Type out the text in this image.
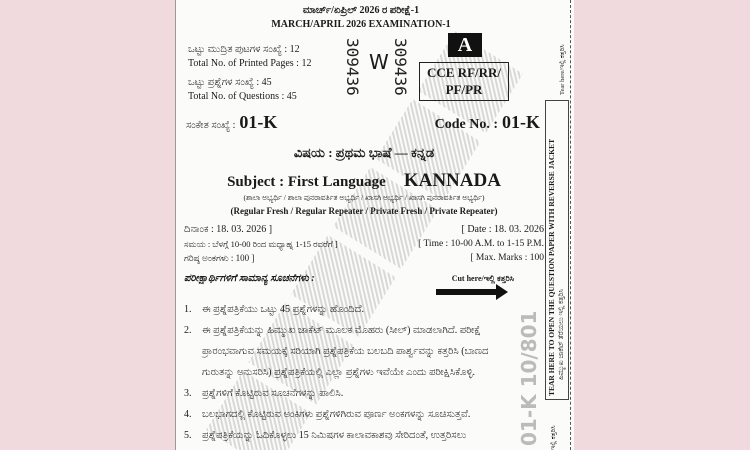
ಮಾರ್ಚ್/ಏಪ್ರಿಲ್ 2026 ರ ಪರೀಕ್ಷೆ-1
MARCH/APRIL 2026 EXAMINATION-1
ಒಟ್ಟು ಮುದ್ರಿತ ಪುಟಗಳ ಸಂಖ್ಯೆ : 12
Total No. of Printed Pages : 12
ಒಟ್ಟು ಪ್ರಶ್ನೆಗಳ ಸಂಖ್ಯೆ : 45
Total No. of Questions : 45
309436 W 309436	A
CCE RF/RR/
PF/PR
ಸಂಕೇತ ಸಂಖ್ಯೆ : 01-K	Code No. : 01-K
ವಿಷಯ : ಪ್ರಥಮ ಭಾಷೆ — ಕನ್ನಡ
Subject : First Language KANNADA
(ಶಾಲಾ ಅಭ್ಯರ್ಥಿ / ಶಾಲಾ ಪುನರಾವರ್ತಿತ ಅಭ್ಯರ್ಥಿ / ಖಾಸಗಿ ಅಭ್ಯರ್ಥಿ / ಖಾಸಗಿ ಪುನರಾವರ್ತಿತ ಅಭ್ಯರ್ಥಿ)
(Regular Fresh / Regular Repeater / Private Fresh / Private Repeater)
ದಿನಾಂಕ : 18. 03. 2026 ]	[ Date : 18. 03. 2026
ಸಮಯ : ಬೆಳಗ್ಗೆ 10-00 ರಿಂದ ಮಧ್ಯಾಹ್ನ 1-15 ರವರೆಗೆ ]	[ Time : 10-00 A.M. to 1-15 P.M.
ಗರಿಷ್ಠ ಅಂಕಗಳು : 100 ]	[ Max. Marks : 100
ಪರೀಕ್ಷಾರ್ಥಿಗಳಿಗೆ ಸಾಮಾನ್ಯ ಸೂಚನೆಗಳು :	Cut here/ಇಲ್ಲಿ ಕತ್ತರಿಸಿ
1.	ಈ ಪ್ರಶ್ನೆಪತ್ರಿಕೆಯು ಒಟ್ಟು 45 ಪ್ರಶ್ನೆಗಳನ್ನು ಹೊಂದಿದೆ.
2.	ಈ ಪ್ರಶ್ನೆಪತ್ರಿಕೆಯನ್ನು ಹಿಮ್ಮುಖ ಜಾಕೆಟ್ ಮೂಲಕ ಮೊಹರು (ಸೀಲ್) ಮಾಡಲಾಗಿದೆ. ಪರೀಕ್ಷೆ
ಪ್ರಾರಂಭವಾಗುವ ಸಮಯಕ್ಕೆ ಸರಿಯಾಗಿ ಪ್ರಶ್ನೆಪತ್ರಿಕೆಯ ಬಲಬದಿ ಪಾರ್ಶ್ವವನ್ನು ಕತ್ತರಿಸಿ (ಬಾಣದ
ಗುರುತನ್ನು ಅನುಸರಿಸಿ) ಪ್ರಶ್ನೆಪತ್ರಿಕೆಯಲ್ಲಿ ಎಲ್ಲಾ ಪ್ರಶ್ನೆಗಳು ಇವೆಯೇ ಎಂದು ಪರೀಕ್ಷಿಸಿಕೊಳ್ಳಿ.
3.	ಪ್ರಶ್ನೆಗಳಿಗೆ ಕೊಟ್ಟಿರುವ ಸೂಚನೆಗಳನ್ನು ಪಾಲಿಸಿ.
4.	ಬಲಭಾಗದಲ್ಲಿ ಕೊಟ್ಟಿರುವ ಅಂಕಿಗಳು ಪ್ರಶ್ನೆಗಳಿಗಿರುವ ಪೂರ್ಣ ಅಂಕಗಳನ್ನು ಸೂಚಿಸುತ್ತವೆ.
5.	ಪ್ರಶ್ನೆಪತ್ರಿಕೆಯನ್ನು ಓದಿಕೊಳ್ಳಲು 15 ನಿಮಿಷಗಳ ಕಾಲಾವಕಾಶವು ಸೇರಿದಂತೆ, ಉತ್ತರಿಸಲು	01-K 10/801 TEAR HERE TO OPEN THE QUESTION PAPER WITH REVERSE JACKET ಹಿಮ್ಮುಖ ಜಾಕೆಟ್ ತೆರೆಯಲು ಇಲ್ಲಿ ಕತ್ತರಿಸಿ
Tear here/ಇಲ್ಲಿ ಕತ್ತರಿಸಿ
ಇಲ್ಲಿ ಕತ್ತರಿಸಿ
